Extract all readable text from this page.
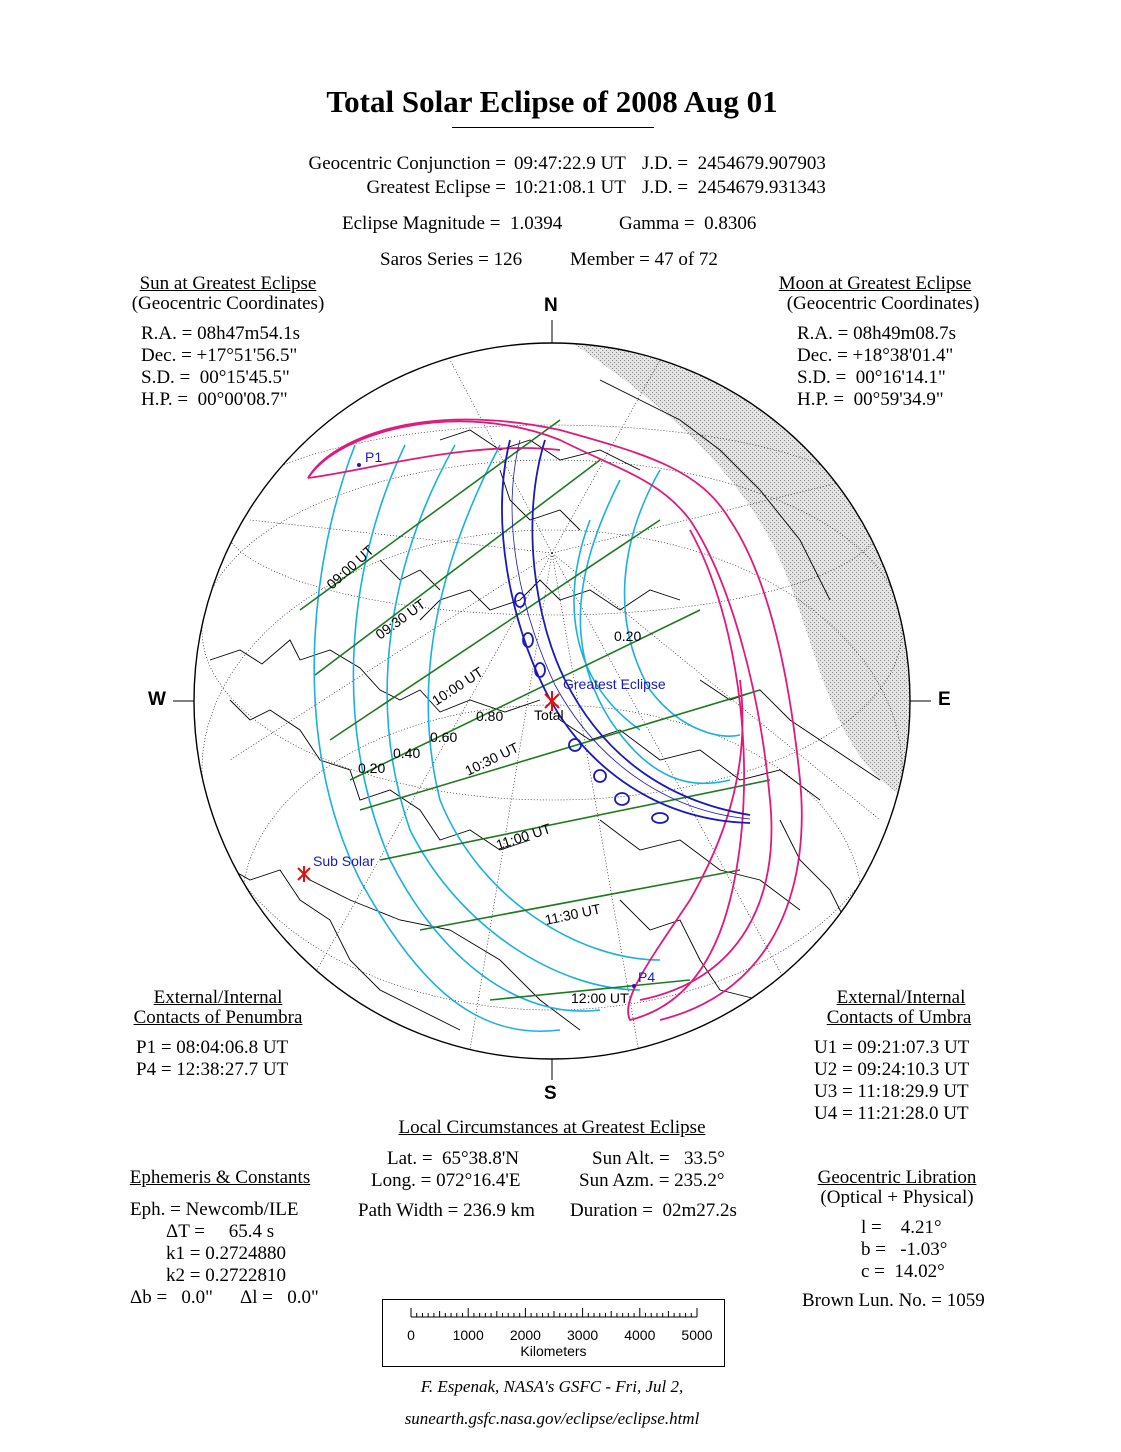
Total Solar Eclipse of 2008 Aug 01
Geocentric Conjunction = 09:47:22.9 UT J.D. =  2454679.907903
Greatest Eclipse = 10:21:08.1 UT J.D. =  2454679.931343
Eclipse Magnitude =  1.0394	Gamma =  0.8306
Saros Series = 126	Member = 47 of 72
Sun at Greatest Eclipse
(Geocentric Coordinates)
R.A. = 08h47m54.1s
Dec. = +17°51'56.5"
S.D. =  00°15'45.5"
H.P. =  00°00'08.7"
Moon at Greatest Eclipse
(Geocentric Coordinates)
R.A. = 08h49m08.7s
Dec. = +18°38'01.4"
S.D. =  00°16'14.1"
H.P. =  00°59'34.9"
P1
P4
Greatest Eclipse
Total
Sub Solar
0.20
0.40
0.60
0.80
0.20
09:00 UT
09:30 UT
10:00 UT
10:30 UT
11:00 UT
11:30 UT
12:00 UT
N
S
W	E
External/Internal
Contacts of Penumbra
P1 = 08:04:06.8 UT
P4 = 12:38:27.7 UT
External/Internal
Contacts of Umbra
U1 = 09:21:07.3 UT
U2 = 09:24:10.3 UT
U3 = 11:18:29.9 UT
U4 = 11:21:28.0 UT
Local Circumstances at Greatest Eclipse
Lat. =  65°38.8'N
Long. = 072°16.4'E
Sun Alt. =   33.5°
Sun Azm. = 235.2°
Path Width = 236.9 km Duration =  02m27.2s
Ephemeris & Constants
Eph. = Newcomb/ILE
ΔT =     65.4 s
k1 = 0.2724880
k2 = 0.2722810
Δb =   0.0" Δl =   0.0"
Geocentric Libration
(Optical + Physical)
l =    4.21°
b =   -1.03°
c =  14.02°
Brown Lun. No. = 1059
0	1000	2000	3000	4000	5000
Kilometers
F. Espenak, NASA's GSFC - Fri, Jul 2,
sunearth.gsfc.nasa.gov/eclipse/eclipse.html
